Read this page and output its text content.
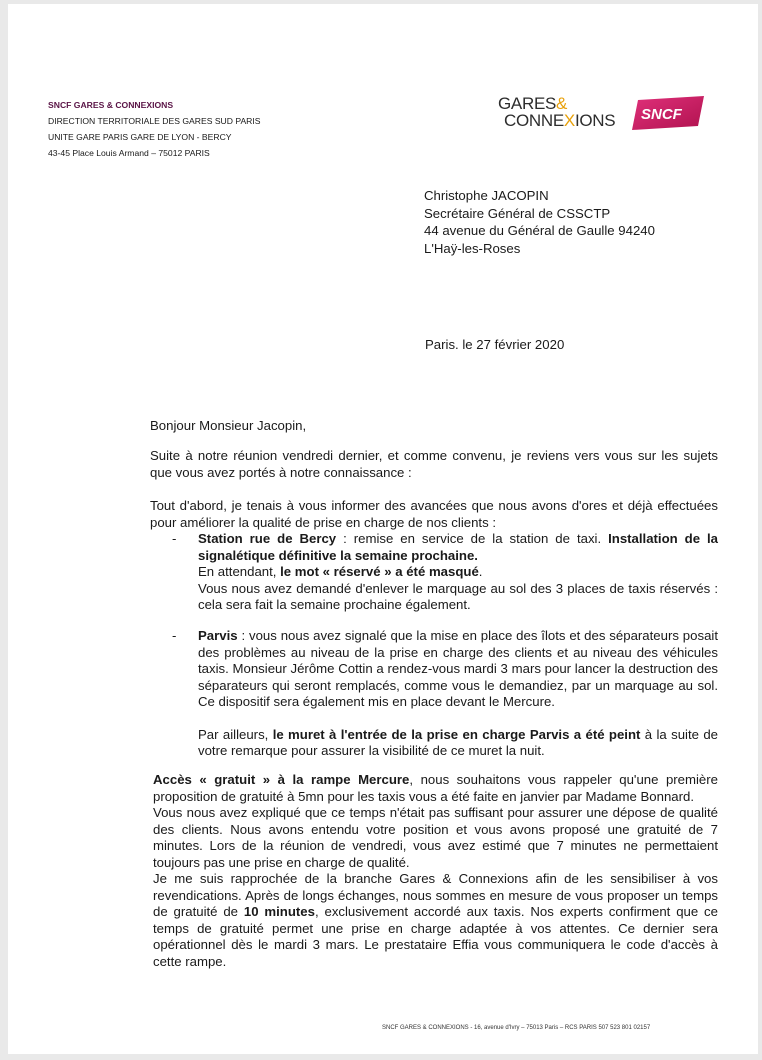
SNCF GARES & CONNEXIONS
DIRECTION TERRITORIALE DES GARES SUD PARIS
UNITE GARE PARIS GARE DE LYON - BERCY
43-45 Place Louis Armand – 75012 PARIS
GARES&
CONNEXIONS SNCF
Christophe JACOPIN
Secrétaire Général de CSSCTP
44 avenue du Général de Gaulle 94240
L'Haÿ-les-Roses
Paris. le 27 février 2020
Bonjour Monsieur Jacopin,
Suite à notre réunion vendredi dernier, et comme convenu, je reviens vers vous sur les sujets que vous avez portés à notre connaissance :
Tout d'abord, je tenais à vous informer des avancées que nous avons d'ores et déjà effectuées pour améliorer la qualité de prise en charge de nos clients :
- Station rue de Bercy : remise en service de la station de taxi. Installation de la signalétique définitive la semaine prochaine.
En attendant, le mot « réservé » a été masqué.
Vous nous avez demandé d'enlever le marquage au sol des 3 places de taxis réservés : cela sera fait la semaine prochaine également.
- Parvis : vous nous avez signalé que la mise en place des îlots et des séparateurs posait des problèmes au niveau de la prise en charge des clients et au niveau des véhicules taxis. Monsieur Jérôme Cottin a rendez-vous mardi 3 mars pour lancer la destruction des séparateurs qui seront remplacés, comme vous le demandiez, par un marquage au sol. Ce dispositif sera également mis en place devant le Mercure.
Par ailleurs, le muret à l'entrée de la prise en charge Parvis a été peint à la suite de votre remarque pour assurer la visibilité de ce muret la nuit.
Accès « gratuit » à la rampe Mercure, nous souhaitons vous rappeler qu'une première proposition de gratuité à 5mn pour les taxis vous a été faite en janvier par Madame Bonnard.
Vous nous avez expliqué que ce temps n'était pas suffisant pour assurer une dépose de qualité des clients. Nous avons entendu votre position et vous avons proposé une gratuité de 7 minutes. Lors de la réunion de vendredi, vous avez estimé que 7 minutes ne permettaient toujours pas une prise en charge de qualité.
Je me suis rapprochée de la branche Gares & Connexions afin de les sensibiliser à vos revendications. Après de longs échanges, nous sommes en mesure de vous proposer un temps de gratuité de 10 minutes, exclusivement accordé aux taxis. Nos experts confirment que ce temps de gratuité permet une prise en charge adaptée à vos attentes. Ce dernier sera opérationnel dès le mardi 3 mars. Le prestataire Effia vous communiquera le code d'accès à cette rampe.
SNCF GARES & CONNEXIONS - 16, avenue d'Ivry – 75013 Paris – RCS PARIS 507 523 801 02157
